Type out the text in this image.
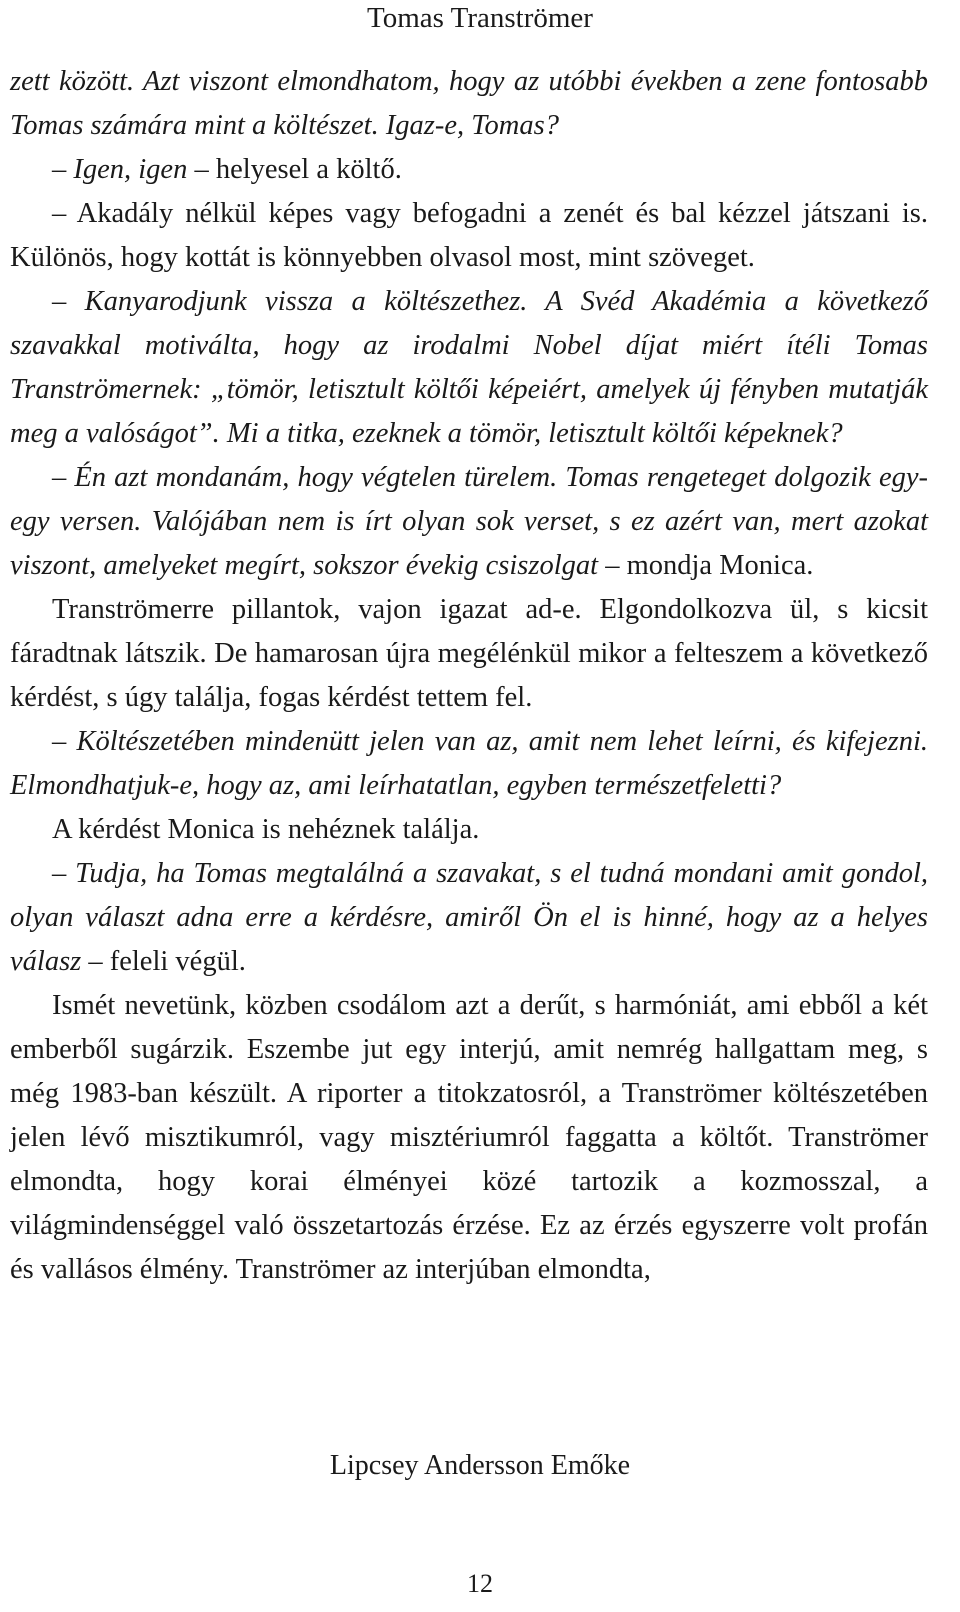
Tomas Tranströmer

zett között. Azt viszont elmondhatom, hogy az utóbbi években a zene fontosabb Tomas számára mint a költészet. Igaz-e, Tomas?

– Igen, igen – helyesel a költő.

– Akadály nélkül képes vagy befogadni a zenét és bal kézzel játszani is. Különös, hogy kottát is könnyebben olvasol most, mint szöveget.

– Kanyarodjunk vissza a költészethez. A Svéd Akadémia a következő szavakkal motiválta, hogy az irodalmi Nobel díjat miért ítéli Tomas Tranströmernek: „tömör, letisztult költői képeiért, amelyek új fényben mutatják meg a valóságot”. Mi a titka, ezeknek a tömör, letisztult költői képeknek?

– Én azt mondanám, hogy végtelen türelem. Tomas rengeteget dolgozik egy-egy versen. Valójában nem is írt olyan sok verset, s ez azért van, mert azokat viszont, amelyeket megírt, sokszor évekig csiszolgat – mondja Monica.

Tranströmerre pillantok, vajon igazat ad-e. Elgondolkozva ül, s kicsit fáradtnak látszik. De hamarosan újra megélénkül mikor a felteszem a következő kérdést, s úgy találja, fogas kérdést tettem fel.

– Költészetében mindenütt jelen van az, amit nem lehet leírni, és kifejezni. Elmondhatjuk-e, hogy az, ami leírhatatlan, egyben természetfeletti?

A kérdést Monica is nehéznek találja.

– Tudja, ha Tomas megtalálná a szavakat, s el tudná mondani amit gondol, olyan választ adna erre a kérdésre, amiről Ön el is hinné, hogy az a helyes válasz – feleli végül.

Ismét nevetünk, közben csodálom azt a derűt, s harmóniát, ami ebből a két emberből sugárzik. Eszembe jut egy interjú, amit nemrég hallgattam meg, s még 1983-ban készült. A riporter a titokzatosról, a Tranströmer költészetében jelen lévő misztikumról, vagy misztériumról faggatta a költőt. Tranströmer elmondta, hogy korai élményei közé tartozik a kozmosszal, a világmindenséggel való összetartozás érzése. Ez az érzés egyszerre volt profán és vallásos élmény. Tranströmer az interjúban elmondta,

Lipcsey Andersson Emőke
12
